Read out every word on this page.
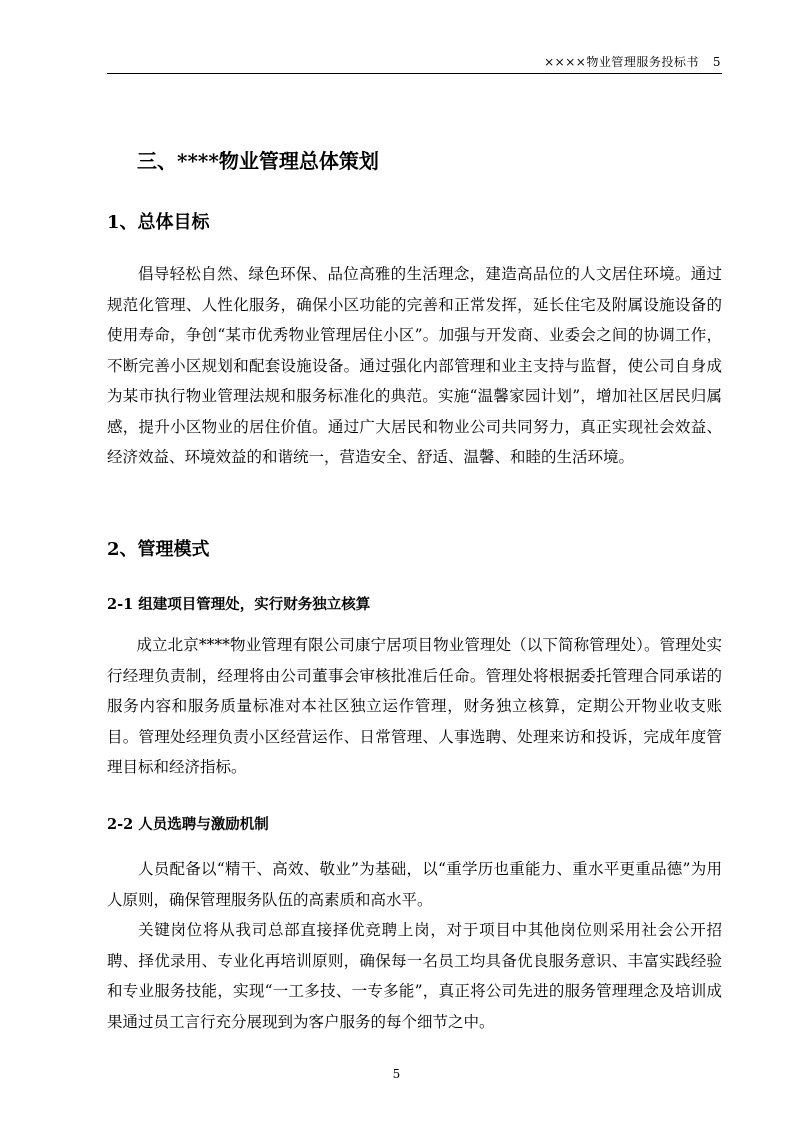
××××物业管理服务投标书 5
三、****物业管理总体策划
1、总体目标

倡导轻松自然、绿色环保、品位高雅的生活理念，建造高品位的人文居住环境。通过规范化管理、人性化服务，确保小区功能的完善和正常发挥，延长住宅及附属设施设备的使用寿命，争创“某市优秀物业管理居住小区”。加强与开发商、业委会之间的协调工作，不断完善小区规划和配套设施设备。通过强化内部管理和业主支持与监督，使公司自身成为某市执行物业管理法规和服务标准化的典范。实施“温馨家园计划”，增加社区居民归属感，提升小区物业的居住价值。通过广大居民和物业公司共同努力，真正实现社会效益、经济效益、环境效益的和谐统一，营造安全、舒适、温馨、和睦的生活环境。

2、管理模式
2-1 组建项目管理处，实行财务独立核算

成立北京****物业管理有限公司康宁居项目物业管理处（以下简称管理处）。管理处实行经理负责制，经理将由公司董事会审核批准后任命。管理处将根据委托管理合同承诺的服务内容和服务质量标准对本社区独立运作管理，财务独立核算，定期公开物业收支账目。管理处经理负责小区经营运作、日常管理、人事选聘、处理来访和投诉，完成年度管理目标和经济指标。

2-2 人员选聘与激励机制

人员配备以“精干、高效、敬业”为基础，以“重学历也重能力、重水平更重品德”为用人原则，确保管理服务队伍的高素质和高水平。

关键岗位将从我司总部直接择优竞聘上岗，对于项目中其他岗位则采用社会公开招聘、择优录用、专业化再培训原则，确保每一名员工均具备优良服务意识、丰富实践经验和专业服务技能，实现“一工多技、一专多能”，真正将公司先进的服务管理理念及培训成果通过员工言行充分展现到为客户服务的每个细节之中。

5
